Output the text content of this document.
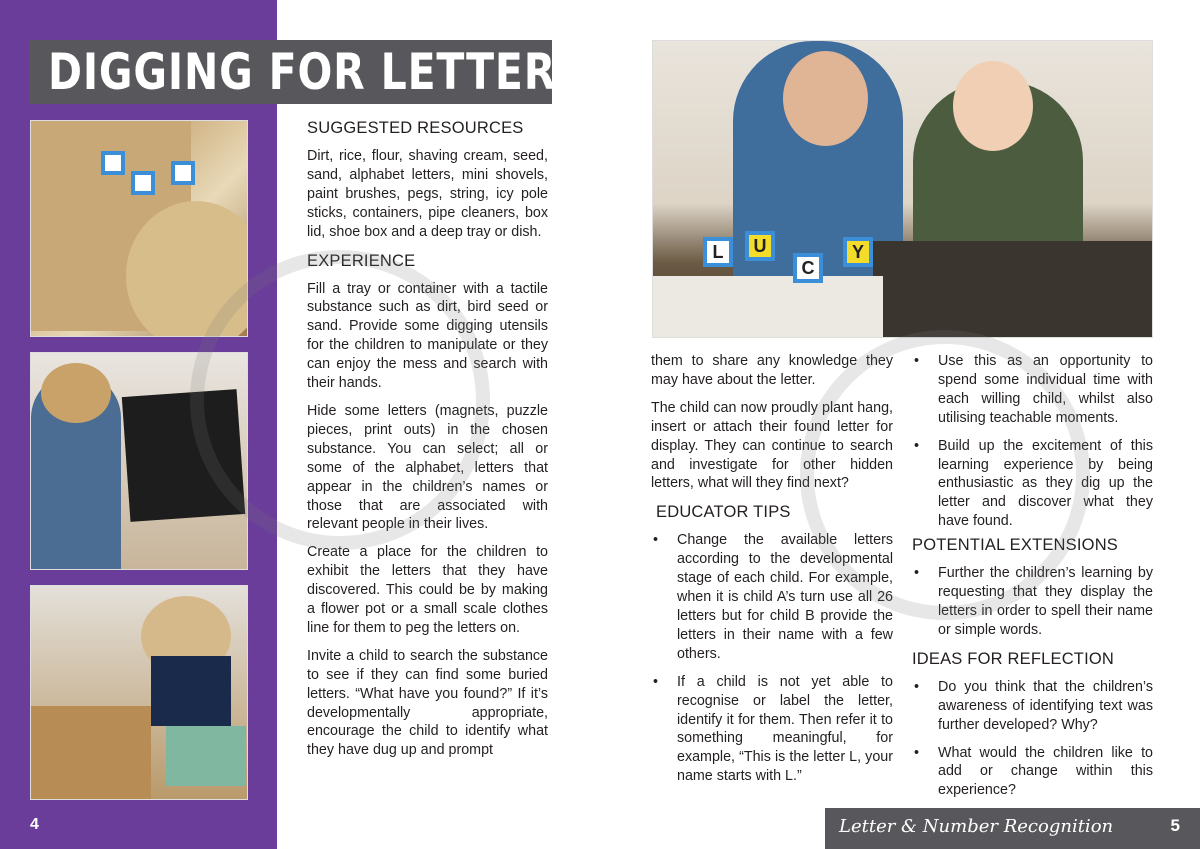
DIGGING FOR LETTERS
SUGGESTED RESOURCES

Dirt, rice, flour, shaving cream, seed, sand, alphabet letters, mini shovels, paint brushes, pegs, string, icy pole sticks, containers, pipe cleaners, box lid, shoe box and a deep tray or dish.

EXPERIENCE

Fill a tray or container with a tactile substance such as dirt, bird seed or sand. Provide some digging utensils for the children to manipulate or they can enjoy the mess and search with their hands.

Hide some letters (magnets, puzzle pieces, print outs) in the chosen substance. You can select; all or some of the alphabet, letters that appear in the children’s names or those that are associated with relevant people in their lives.

Create a place for the children to exhibit the letters that they have discovered. This could be by making a flower pot or a small scale clothes line for them to peg the letters on.

Invite a child to search the substance to see if they can find some buried letters. “What have you found?” If it’s developmentally appropriate, encourage the child to identify what they have dug up and prompt

4
L	U
C
Y

them to share any knowledge they may have about the letter.

The child can now proudly plant hang, insert or attach their found letter for display. They can continue to search and investigate for other hidden letters, what will they find next?

EDUCATOR TIPS
• Change the available letters according to the developmental stage of each child. For example, when it is child A’s turn use all 26 letters but for child B provide the letters in their name with a few others.
• If a child is not yet able to recognise or label the letter, identify it for them. Then refer it to something meaningful, for example, “This is the letter L, your name starts with L.”
• Use this as an opportunity to spend some individual time with each willing child, whilst also utilising teachable moments.
• Build up the excitement of this learning experience by being enthusiastic as they dig up the letter and discover what they have found.
POTENTIAL EXTENSIONS
• Further the children’s learning by requesting that they display the letters in order to spell their name or simple words.
IDEAS FOR REFLECTION
• Do you think that the children’s awareness of identifying text was further developed? Why?
• What would the children like to add or change within this experience?
Letter & Number Recognition	5
